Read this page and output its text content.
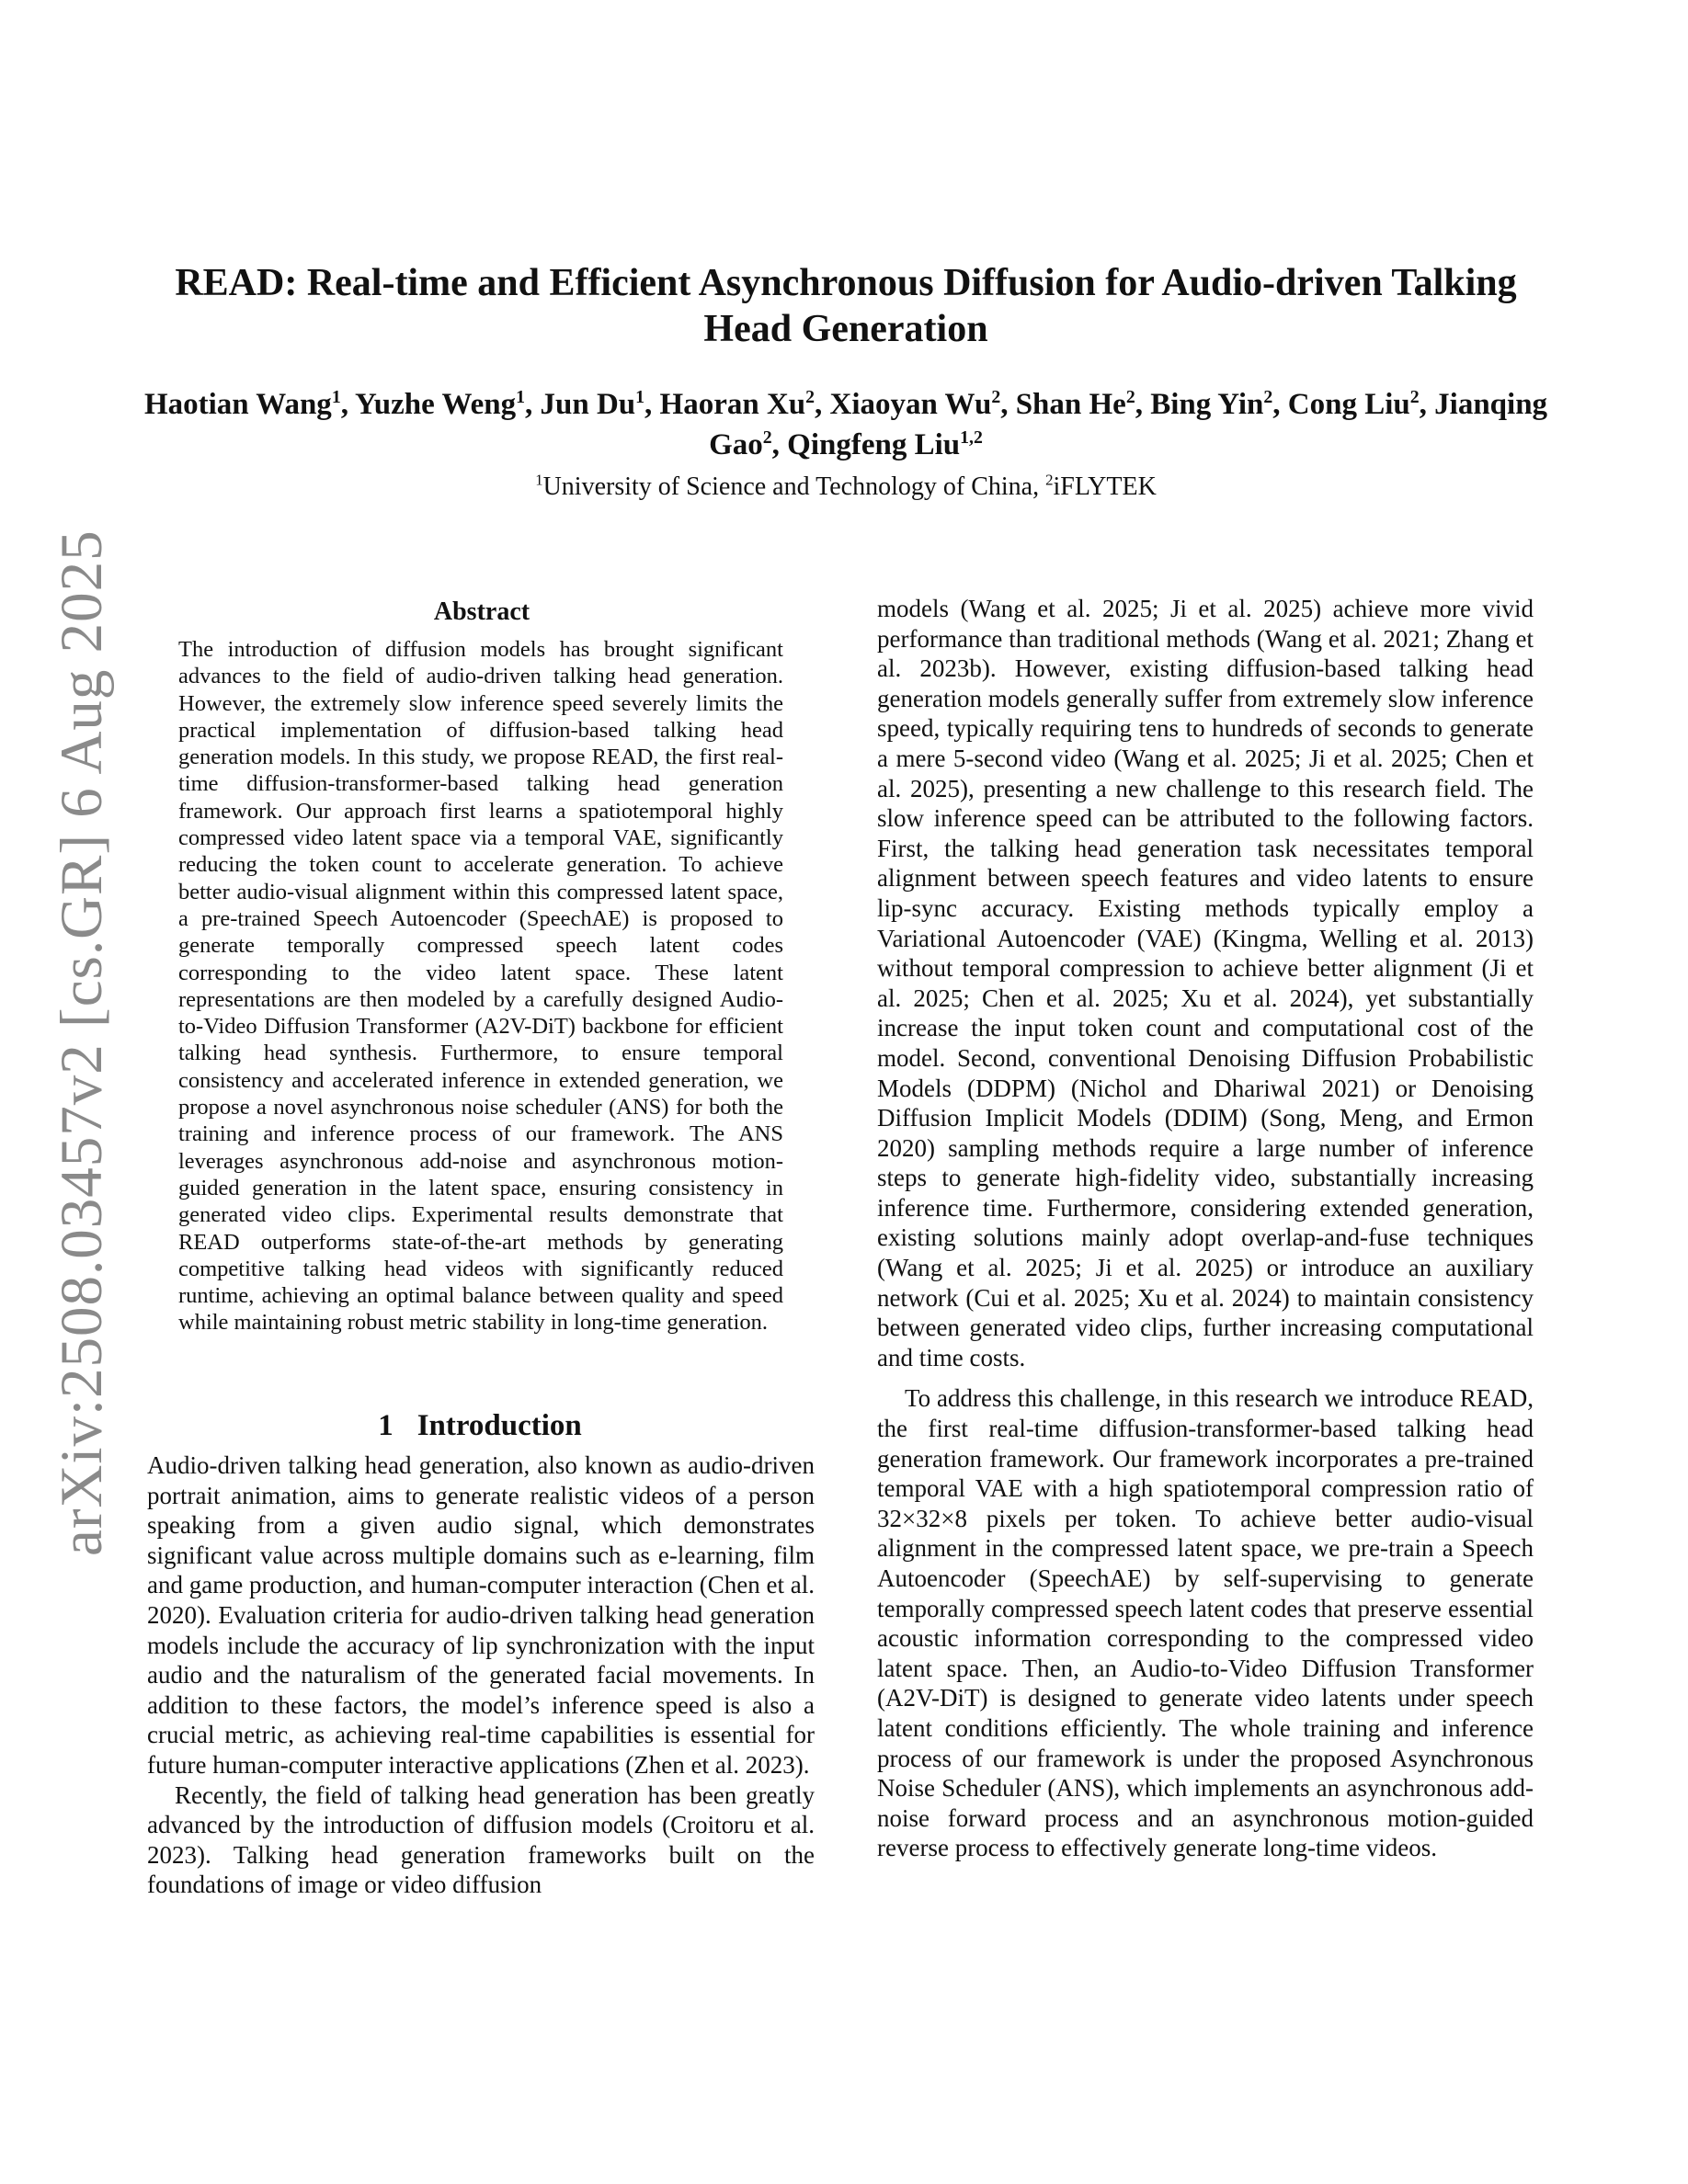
arXiv:2508.03457v2 [cs.GR] 6 Aug 2025
READ: Real-time and Efficient Asynchronous Diffusion for Audio-driven Talking Head Generation
Haotian Wang$^1$, Yuzhe Weng$^1$, Jun Du$^1$, Haoran Xu$^2$, Xiaoyan Wu$^2$, Shan He$^2$, Bing Yin$^2$, Cong Liu$^2$, Jianqing Gao$^2$, Qingfeng Liu$^{1,2}$
$^1$University of Science and Technology of China, $^2$iFLYTEK
Abstract
The introduction of diffusion models has brought significant advances to the field of audio-driven talking head generation. However, the extremely slow inference speed severely limits the practical implementation of diffusion-based talking head generation models. In this study, we propose READ, the first real-time diffusion-transformer-based talking head generation framework. Our approach first learns a spatiotemporal highly compressed video latent space via a temporal VAE, significantly reducing the token count to accelerate generation. To achieve better audio-visual alignment within this compressed latent space, a pre-trained Speech Autoencoder (SpeechAE) is proposed to generate temporally compressed speech latent codes corresponding to the video latent space. These latent representations are then modeled by a carefully designed Audio-to-Video Diffusion Transformer (A2V-DiT) backbone for efficient talking head synthesis. Furthermore, to ensure temporal consistency and accelerated inference in extended generation, we propose a novel asynchronous noise scheduler (ANS) for both the training and inference process of our framework. The ANS leverages asynchronous add-noise and asynchronous motion-guided generation in the latent space, ensuring consistency in generated video clips. Experimental results demonstrate that READ outperforms state-of-the-art methods by generating competitive talking head videos with significantly reduced runtime, achieving an optimal balance between quality and speed while maintaining robust metric stability in long-time generation.
1 Introduction

Audio-driven talking head generation, also known as audio-driven portrait animation, aims to generate realistic videos of a person speaking from a given audio signal, which demonstrates significant value across multiple domains such as e-learning, film and game production, and human-computer interaction (Chen et al. 2020). Evaluation criteria for audio-driven talking head generation models include the accuracy of lip synchronization with the input audio and the naturalism of the generated facial movements. In addition to these factors, the model’s inference speed is also a crucial metric, as achieving real-time capabilities is essential for future human-computer interactive applications (Zhen et al. 2023).

Recently, the field of talking head generation has been greatly advanced by the introduction of diffusion models (Croitoru et al. 2023). Talking head generation frameworks built on the foundations of image or video diffusion

models (Wang et al. 2025; Ji et al. 2025) achieve more vivid performance than traditional methods (Wang et al. 2021; Zhang et al. 2023b). However, existing diffusion-based talking head generation models generally suffer from extremely slow inference speed, typically requiring tens to hundreds of seconds to generate a mere 5-second video (Wang et al. 2025; Ji et al. 2025; Chen et al. 2025), presenting a new challenge to this research field. The slow inference speed can be attributed to the following factors. First, the talking head generation task necessitates temporal alignment between speech features and video latents to ensure lip-sync accuracy. Existing methods typically employ a Variational Autoencoder (VAE) (Kingma, Welling et al. 2013) without temporal compression to achieve better alignment (Ji et al. 2025; Chen et al. 2025; Xu et al. 2024), yet substantially increase the input token count and computational cost of the model. Second, conventional Denoising Diffusion Probabilistic Models (DDPM) (Nichol and Dhariwal 2021) or Denoising Diffusion Implicit Models (DDIM) (Song, Meng, and Ermon 2020) sampling methods require a large number of inference steps to generate high-fidelity video, substantially increasing inference time. Furthermore, considering extended generation, existing solutions mainly adopt overlap-and-fuse techniques (Wang et al. 2025; Ji et al. 2025) or introduce an auxiliary network (Cui et al. 2025; Xu et al. 2024) to maintain consistency between generated video clips, further increasing computational and time costs.

To address this challenge, in this research we introduce READ, the first real-time diffusion-transformer-based talking head generation framework. Our framework incorporates a pre-trained temporal VAE with a high spatiotemporal compression ratio of 32×32×8 pixels per token. To achieve better audio-visual alignment in the compressed latent space, we pre-train a Speech Autoencoder (SpeechAE) by self-supervising to generate temporally compressed speech latent codes that preserve essential acoustic information corresponding to the compressed video latent space. Then, an Audio-to-Video Diffusion Transformer (A2V-DiT) is designed to generate video latents under speech latent conditions efficiently. The whole training and inference process of our framework is under the proposed Asynchronous Noise Scheduler (ANS), which implements an asynchronous add-noise forward process and an asynchronous motion-guided reverse process to effectively generate long-time videos.
